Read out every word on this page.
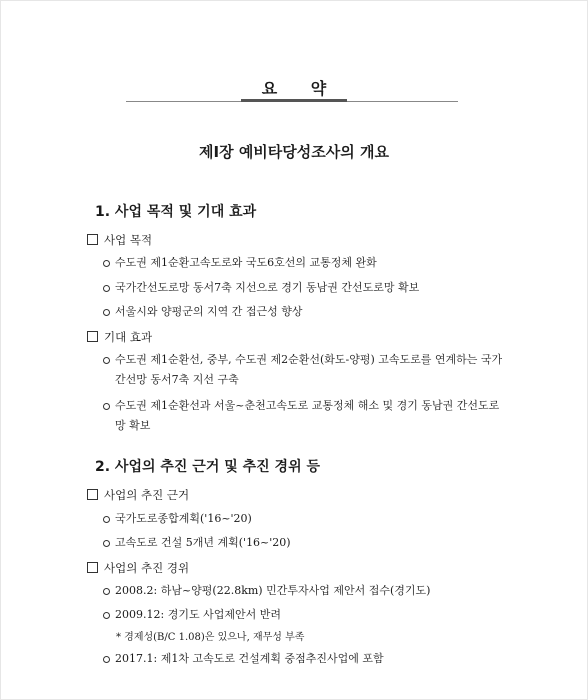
요 약
제Ⅰ장 예비타당성조사의 개요
1. 사업 목적 및 기대 효과
사업 목적
수도권 제1순환고속도로와 국도6호선의 교통정체 완화
국가간선도로망 동서7축 지선으로 경기 동남권 간선도로망 확보
서울시와 양평군의 지역 간 접근성 향상
기대 효과
수도권 제1순환선, 중부, 수도권 제2순환선(화도-양평) 고속도로를 연계하는 국가 간선망 동서7축 지선 구축
수도권 제1순환선과 서울~춘천고속도로 교통정체 해소 및 경기 동남권 간선도로망 확보
2. 사업의 추진 근거 및 추진 경위 등
사업의 추진 근거
국가도로종합계획('16~'20)
고속도로 건설 5개년 계획('16~'20)
사업의 추진 경위
2008.2: 하남~양평(22.8km) 민간투자사업 제안서 접수(경기도)
2009.12: 경기도 사업제안서 반려
* 경제성(B/C 1.08)은 있으나, 재무성 부족
2017.1: 제1차 고속도로 건설계획 중점추진사업에 포함
